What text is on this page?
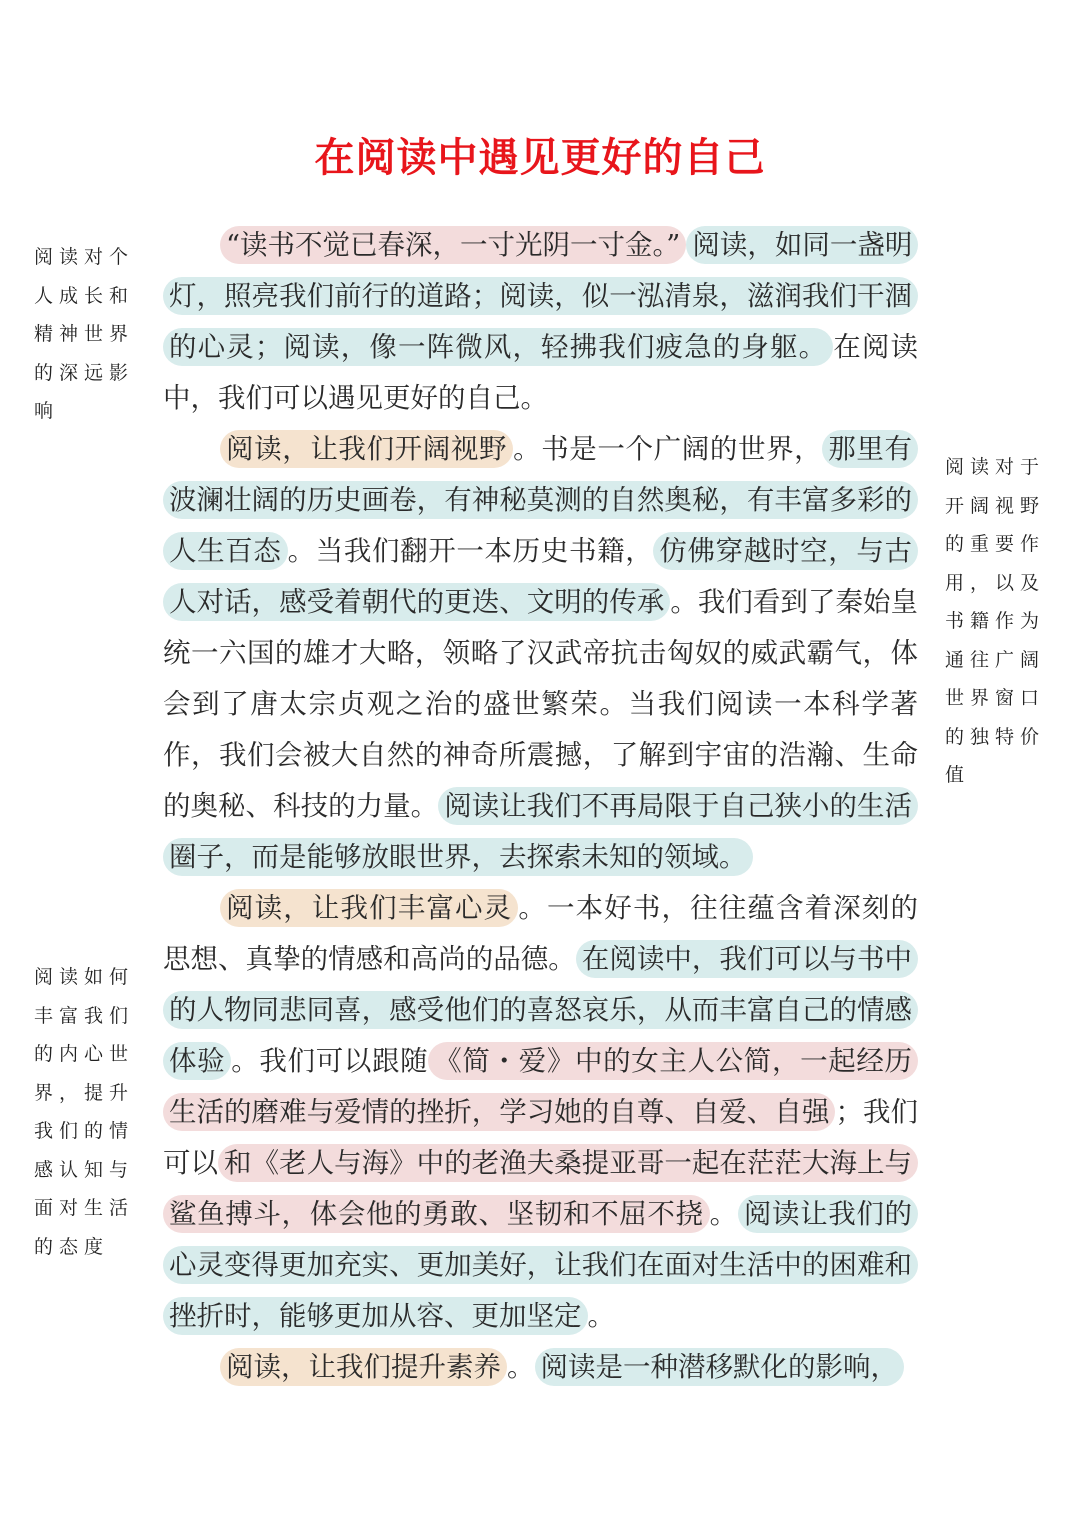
在阅读中遇见更好的自己
阅读对个人成长和精神世界的深远影响
阅读对于开阔视野的重要作用，以及书籍作为通往广阔世界窗口的独特价值
阅读如何丰富我们的内心世界，提升我们的情感认知与面对生活的态度

“读书不觉已春深，一寸光阴一寸金。” 阅读，如同一盏明灯，照亮我们前行的道路；阅读，似一泓清泉，滋润我们干涸的心灵；阅读，像一阵微风，轻拂我们疲急的身躯。 在阅读中，我们可以遇见更好的自己。

阅读，让我们开阔视野 。书是一个广阔的世界， 那里有波澜壮阔的历史画卷，有神秘莫测的自然奥秘，有丰富多彩的人生百态 。当我们翻开一本历史书籍， 仿佛穿越时空，与古人对话，感受着朝代的更迭、文明的传承 。我们看到了秦始皇统一六国的雄才大略，领略了汉武帝抗击匈奴的威武霸气，体会到了唐太宗贞观之治的盛世繁荣。当我们阅读一本科学著作，我们会被大自然的神奇所震撼，了解到宇宙的浩瀚、生命的奥秘、科技的力量。 阅读让我们不再局限于自己狭小的生活圈子，而是能够放眼世界，去探索未知的领域。

阅读，让我们丰富心灵 。一本好书，往往蕴含着深刻的思想、真挚的情感和高尚的品德。 在阅读中，我们可以与书中的人物同悲同喜，感受他们的喜怒哀乐，从而丰富自己的情感体验 。我们可以跟随 《简・爱》中的女主人公简，一起经历生活的磨难与爱情的挫折，学习她的自尊、自爱、自强 ；我们可以 和《老人与海》中的老渔夫桑提亚哥一起在茫茫大海上与鲨鱼搏斗，体会他的勇敢、坚韧和不屈不挠 。 阅读让我们的心灵变得更加充实、更加美好，让我们在面对生活中的困难和挫折时，能够更加从容、更加坚定 。

阅读，让我们提升素养 。 阅读是一种潜移默化的影响，
